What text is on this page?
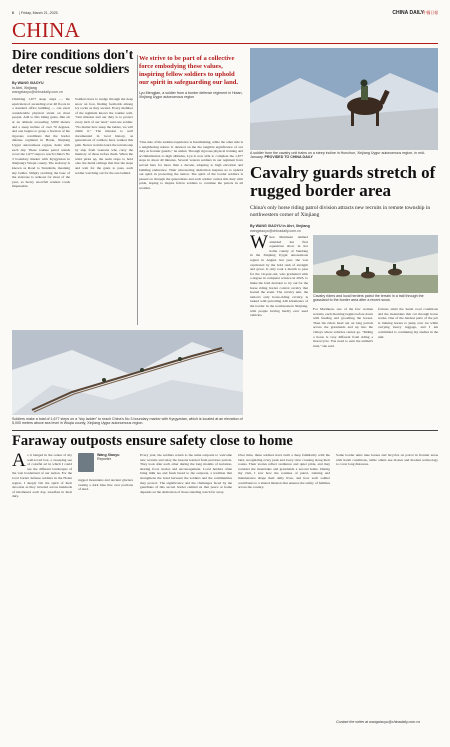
6 | Friday, March 21, 2025	CHINA DAILY
中國日報
CHINA
Dire conditions don't deter rescue soldiers
By WANG XIAOYU
in Ahri, Xinjiang
wangxiaoyu@chinadaily.com.cn
Climbing 1,677 steep steps — the equivalent of ascending over 40 floors in a standard office building — can exert considerable physical strain on most people. Add to this biting gusts, thin air at an altitude exceeding 5,000 meters and a steep incline of over 70 degrees, and one begins to grasp a fraction of the rigorous conditions that the border defense regiment in Hotan, Xinjiang Uygur autonomous region, deals with each day. These routine patrol stands cover the 1,677 steps to reach China's No 3 boundary marker with Kyrgyzstan in Xinjiang's Wuqia county. The stairway is known as Road to Standards, meaning sky ladder. Simply reaching the base of the staircase is arduous for most of the year, as heavy snowfall renders roads impassable.
Soldiers have to trudge through the deep snow on foot, finding footholds among icy rocks as they ascend. Every member of the regiment knows the routine well. "Our mission and our duty is to protect every inch of our land," said one soldier. "No matter how steep the ladder, we will climb it." The mission is well documented in local history, as generations of soldiers have walked this path. Newer recruits learn the terrain step by step from veterans who carry the memory of those before them. When the wind picks up, the team stops to hold onto the metal railings that line the steps and wait for the gusts to pass, each soldier watching out for the one behind.
We strive to be part of a collective force embodying these values, inspiring fellow soldiers to uphold our spirit in safeguarding our land.
Lyu Mengjian, a soldier from a border defense regiment in Hotan, Xinjiang Uygur autonomous region
"One side of the sudden experience is breathtaking, while the other side is a neighboring nation. It dawned on me the tangible significance of our duty as frontier guards," he added. Through rigorous physical training and acclimatization to high altitudes, Lyu is now able to complete the 1,677 steps in about 40 minutes. Several veteran soldiers in our regiment have served here for more than a decade, adapting to high elevation and building endurance. Their unwavering dedication inspires us to uphold our spirit in protecting the nation. The spirit of the border soldiers is passed on through the generations and each soldier carries this duty with pride, hoping to inspire fellow soldiers to continue the patrols in all weather.
Soldiers make a total of 1,677 steps on a "sky ladder" to reach China's No 3 boundary marker with Kyrgyzstan, which is located at an elevation of 5,000 meters above sea level in Wuqia county, Xinjiang Uygur autonomous region.
A soldier from the cavalry unit trains on a steep incline in Hunchun, Xinjiang Uygur autonomous region, in mid-January. PROVIDED TO CHINA DAILY
Cavalry guards stretch of rugged border area
China's only horse riding patrol division attracts new recruits in remote township in northwestern corner of Xinjiang
By WANG XIAOYU in Ahri, Xinjiang
wangxiaoyu@chinadaily.com.cn
W hen Marmuan Ahmed attended her first equestrian show in her home county of Suudang in the Xinjiang Uygur autonomous region in August last year, she was captivated by the bold rush of strength and grace. It only took a month to pass for the 19-year-old, who graduated with a degree in computer science in 2023, to make the bold decision to try out for the horse riding border control cavalry that hosted the event. The cavalry unit, the nation's only horse-riding cavalry, is tasked with patrolling 246 kilometers of the border in the northwestern Xinjiang, with people having hardly ever used vehicles.
Cavalry riders and local herders patrol the terrain in a trail through the grassland to the border area after a recent snow.
For Marmuan, one of the few women recruits, each morning begins before dawn with feeding and grooming the horses. Then the riders head out on long patrols across the grasslands and up into the valleys where vehicles cannot go. "Riding a horse is very different from riding a motorcycle. You need to earn the animal's trust," she said.
fortress amid the harsh road conditions and the mountains that cut through horse tracks. One of the hardest parts of the job is training horses to jump over ice while carrying heavy luggage, and I am committed to continuing my studies in the unit.
Faraway outposts ensure safety close to home
A s it banged in the center of my well-loved box, a sweeping sea of colorful art in which I could see the different landscapes of the vast borderland of our nation. For the local border defense soldiers in the Hotan region, I deeply felt the spirit of their devotion as they traveled across hundreds of kilometers each day, steadfast in their duty.
Wang Xiaoyu
Reporter
rugged mountains and ancient glaciers casting a dark blue line over portions of land.
Every year, the soldiers return to the same outposts to welcome new recruits and relay the lessons learned from previous patrols. They look after each other during the long months of isolation, sharing food, stories and encouragement. Local herders often bring milk tea and fresh bread to the outposts, a tradition that strengthens the bond between the soldiers and the communities they protect. The significance and the challenges faced by the guardians of this sacred border remind us that peace at home depends on the dedication of those standing watch far away.
Over time, these soldiers have built a deep familiarity with the land, recognizing every peak and every river crossing along their routes. Their stories reflect resilience and quiet pride, and they consider the mountains and grasslands a second home. During my visit, I saw how the routines of patrol, training and maintenance shape their daily lives, and how each soldier contributes to a shared mission that ensures the safety of families across the country.
Some border units take horses and bicycles on patrol in frontier areas with harsh conditions, while others use drones and modern technology to cover long distances.
Contact the writer at wangxiaoyu@chinadaily.com.cn
